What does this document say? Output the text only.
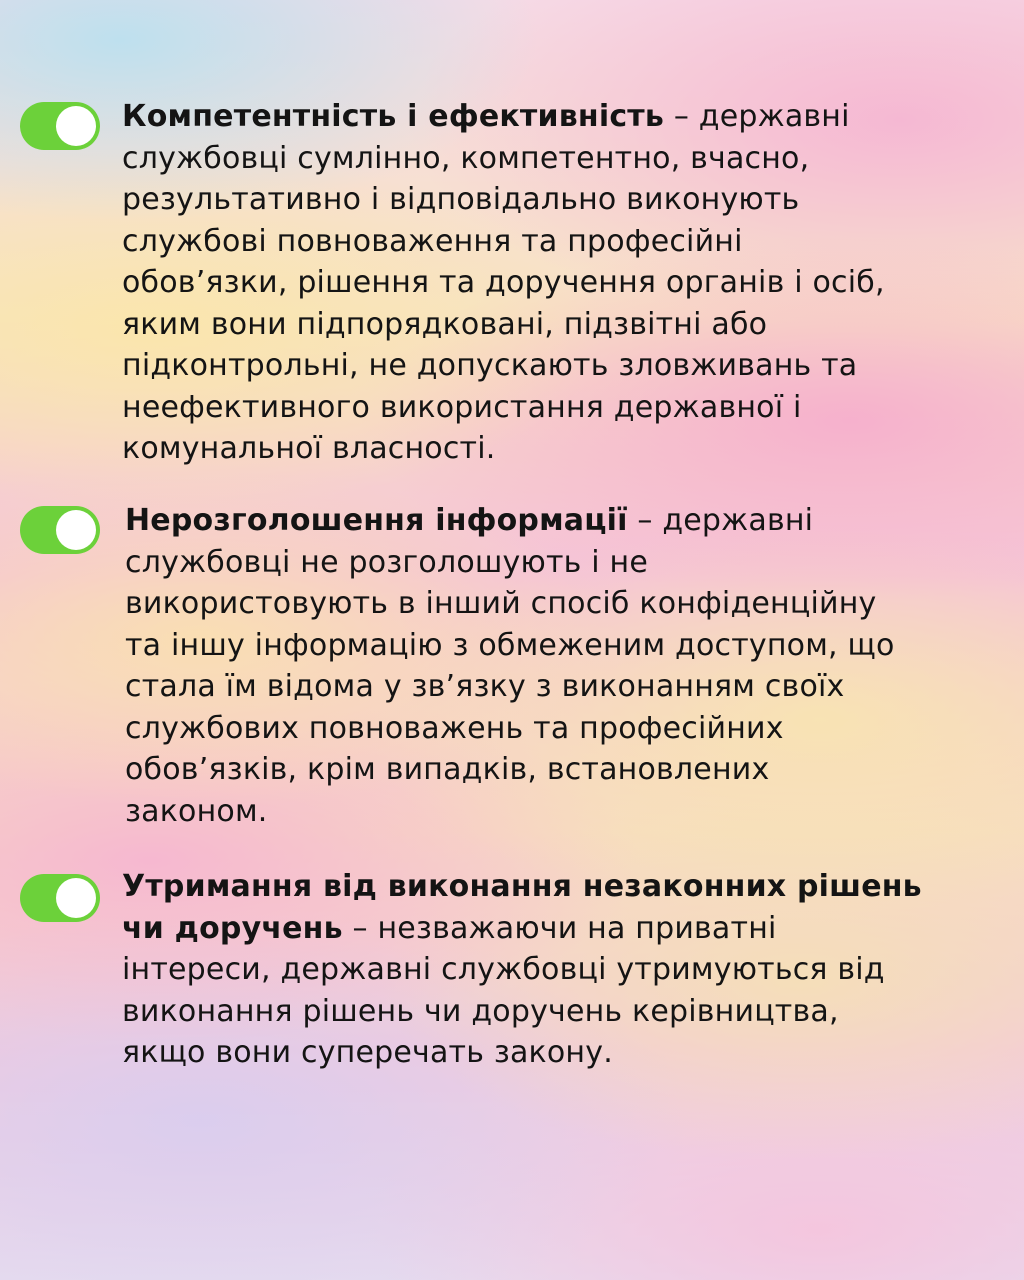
Компетентність і ефективність – державні
службовці сумлінно, компетентно, вчасно,
результативно і відповідально виконують
службові повноваження та професійні
обов’язки, рішення та доручення органів і осіб,
яким вони підпорядковані, підзвітні або
підконтрольні, не допускають зловживань та
неефективного використання державної і
комунальної власності.

Нерозголошення інформації – державні
службовці не розголошують і не
використовують в інший спосіб конфіденційну
та іншу інформацію з обмеженим доступом, що
стала їм відома у зв’язку з виконанням своїх
службових повноважень та професійних
обов’язків, крім випадків, встановлених
законом.

Утримання від виконання незаконних рішень
чи доручень – незважаючи на приватні
інтереси, державні службовці утримуються від
виконання рішень чи доручень керівництва,
якщо вони суперечать закону.
